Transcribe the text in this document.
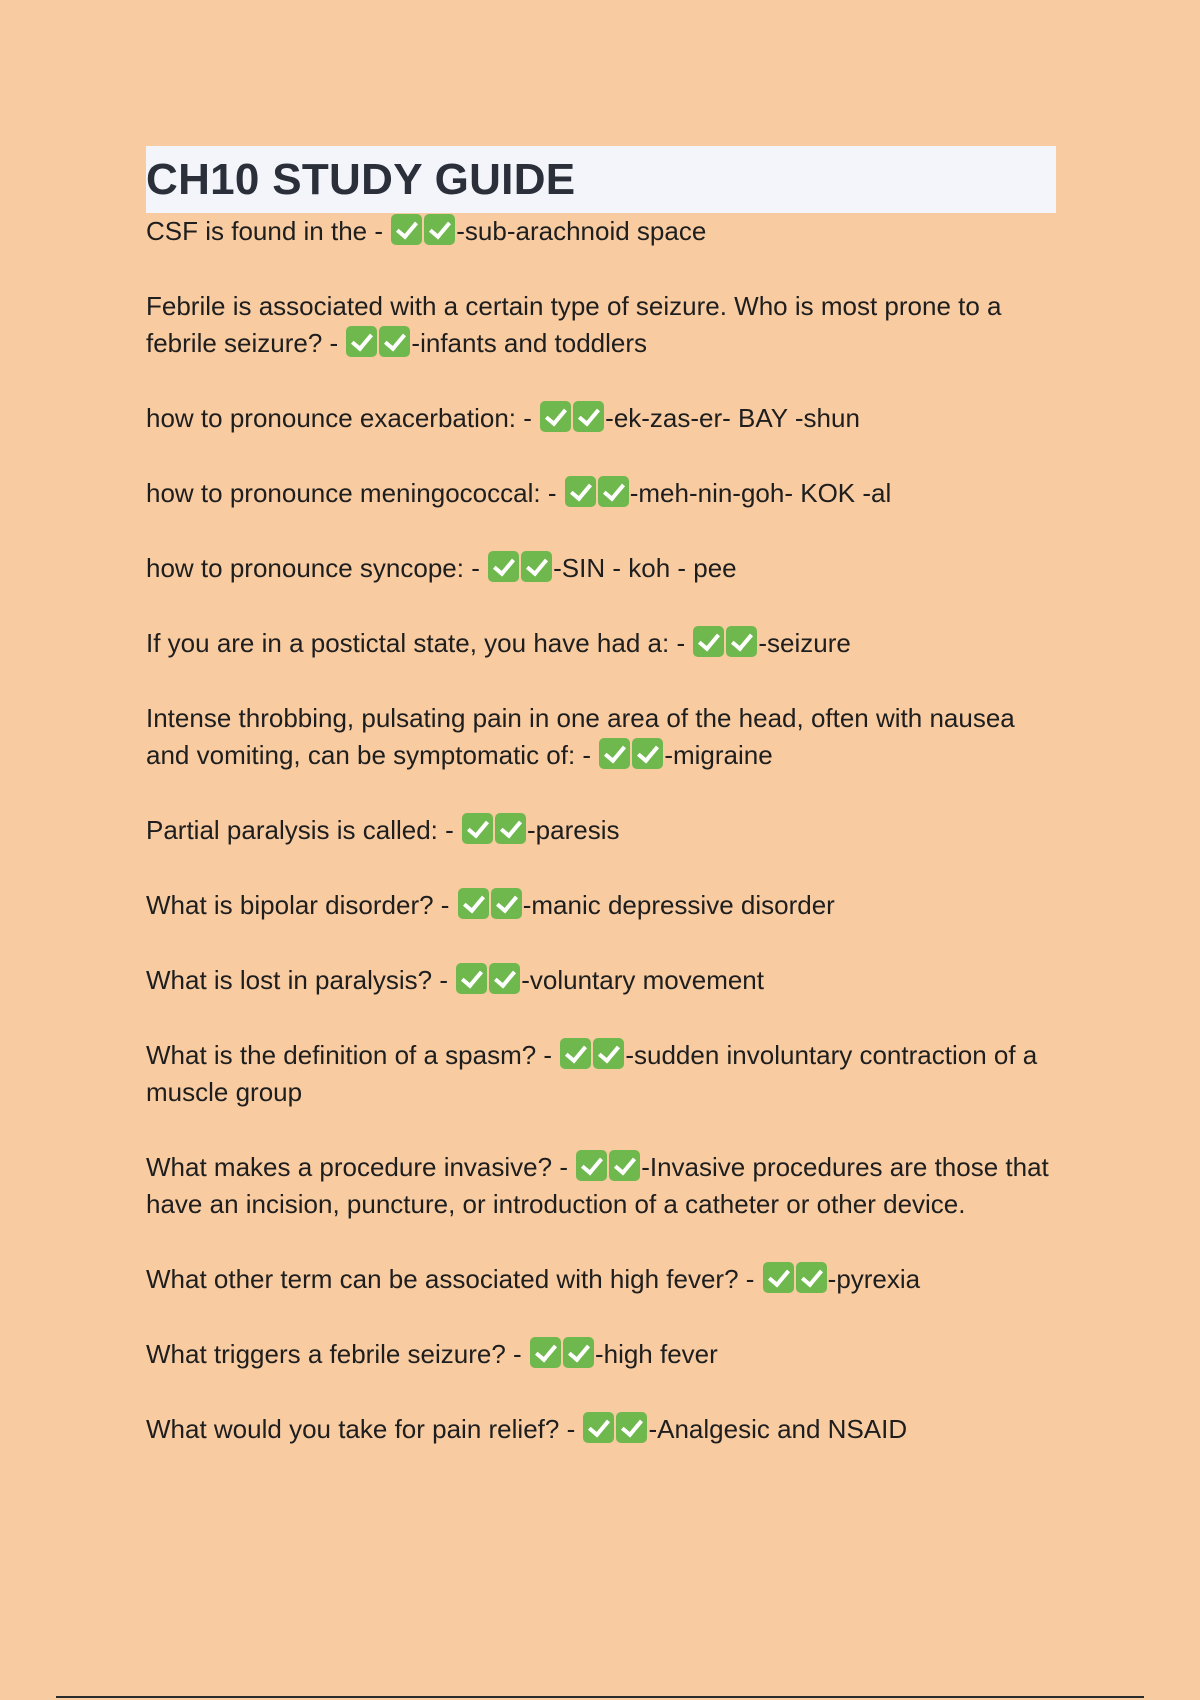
CH10 STUDY GUIDE
CSF is found in the -	-sub-arachnoid space
Febrile is associated with a certain type of seizure. Who is most prone to a febrile seizure? -	-infants and toddlers
how to pronounce exacerbation: -	-ek-zas-er- BAY -shun
how to pronounce meningococcal: -	-meh-nin-goh- KOK -al
how to pronounce syncope: -	-SIN - koh - pee
If you are in a postictal state, you have had a: -	-seizure
Intense throbbing, pulsating pain in one area of the head, often with nausea and vomiting, can be symptomatic of: -	-migraine
Partial paralysis is called: -	-paresis
What is bipolar disorder? -	-manic depressive disorder
What is lost in paralysis? -	-voluntary movement
What is the definition of a spasm? -	-sudden involuntary contraction of a muscle group
What makes a procedure invasive? -	-Invasive procedures are those that have an incision, puncture, or introduction of a catheter or other device.
What other term can be associated with high fever? -	-pyrexia
What triggers a febrile seizure? -	-high fever
What would you take for pain relief? -	-Analgesic and NSAID
